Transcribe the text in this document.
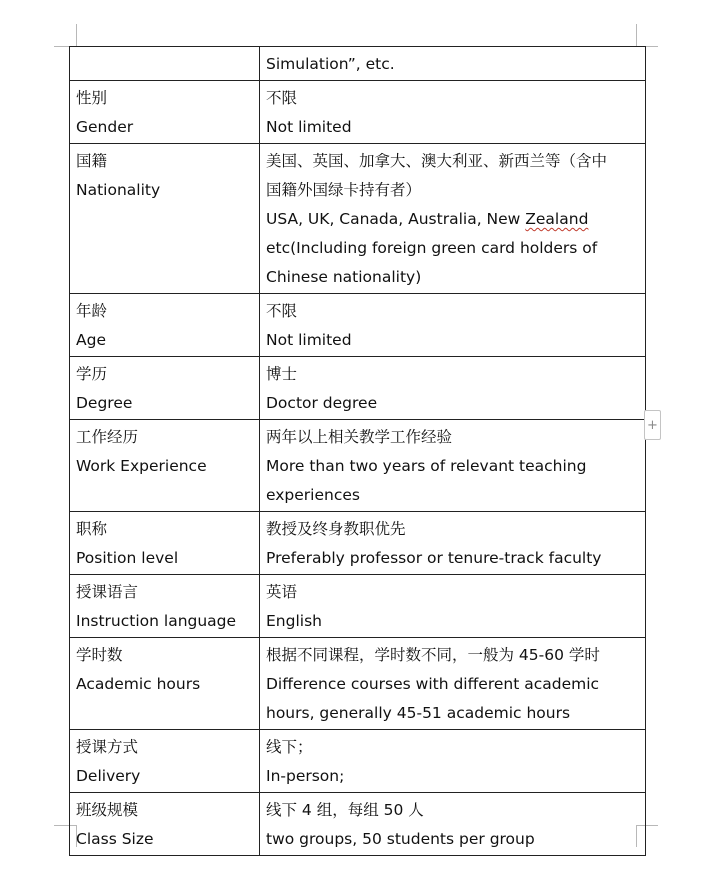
	Simulation”, etc.

性别
Gender	不限
Not limited

国籍
Nationality	美国、英国、加拿大、澳大利亚、新西兰等（含中
国籍外国绿卡持有者）
USA, UK, Canada, Australia, New Zealand
etc(Including foreign green card holders of
Chinese nationality)

年龄
Age	不限
Not limited

学历
Degree	博士
Doctor degree

工作经历
Work Experience	两年以上相关教学工作经验
More than two years of relevant teaching
experiences

职称
Position level	教授及终身教职优先
Preferably professor or tenure-track faculty

授课语言
Instruction language	英语
English

学时数
Academic hours	根据不同课程，学时数不同，一般为 45-60 学时
Difference courses with different academic
hours, generally 45-51 academic hours

授课方式
Delivery	线下；
In-person;

班级规模
Class Size	线下 4 组，每组 50 人
two groups, 50 students per group
+
